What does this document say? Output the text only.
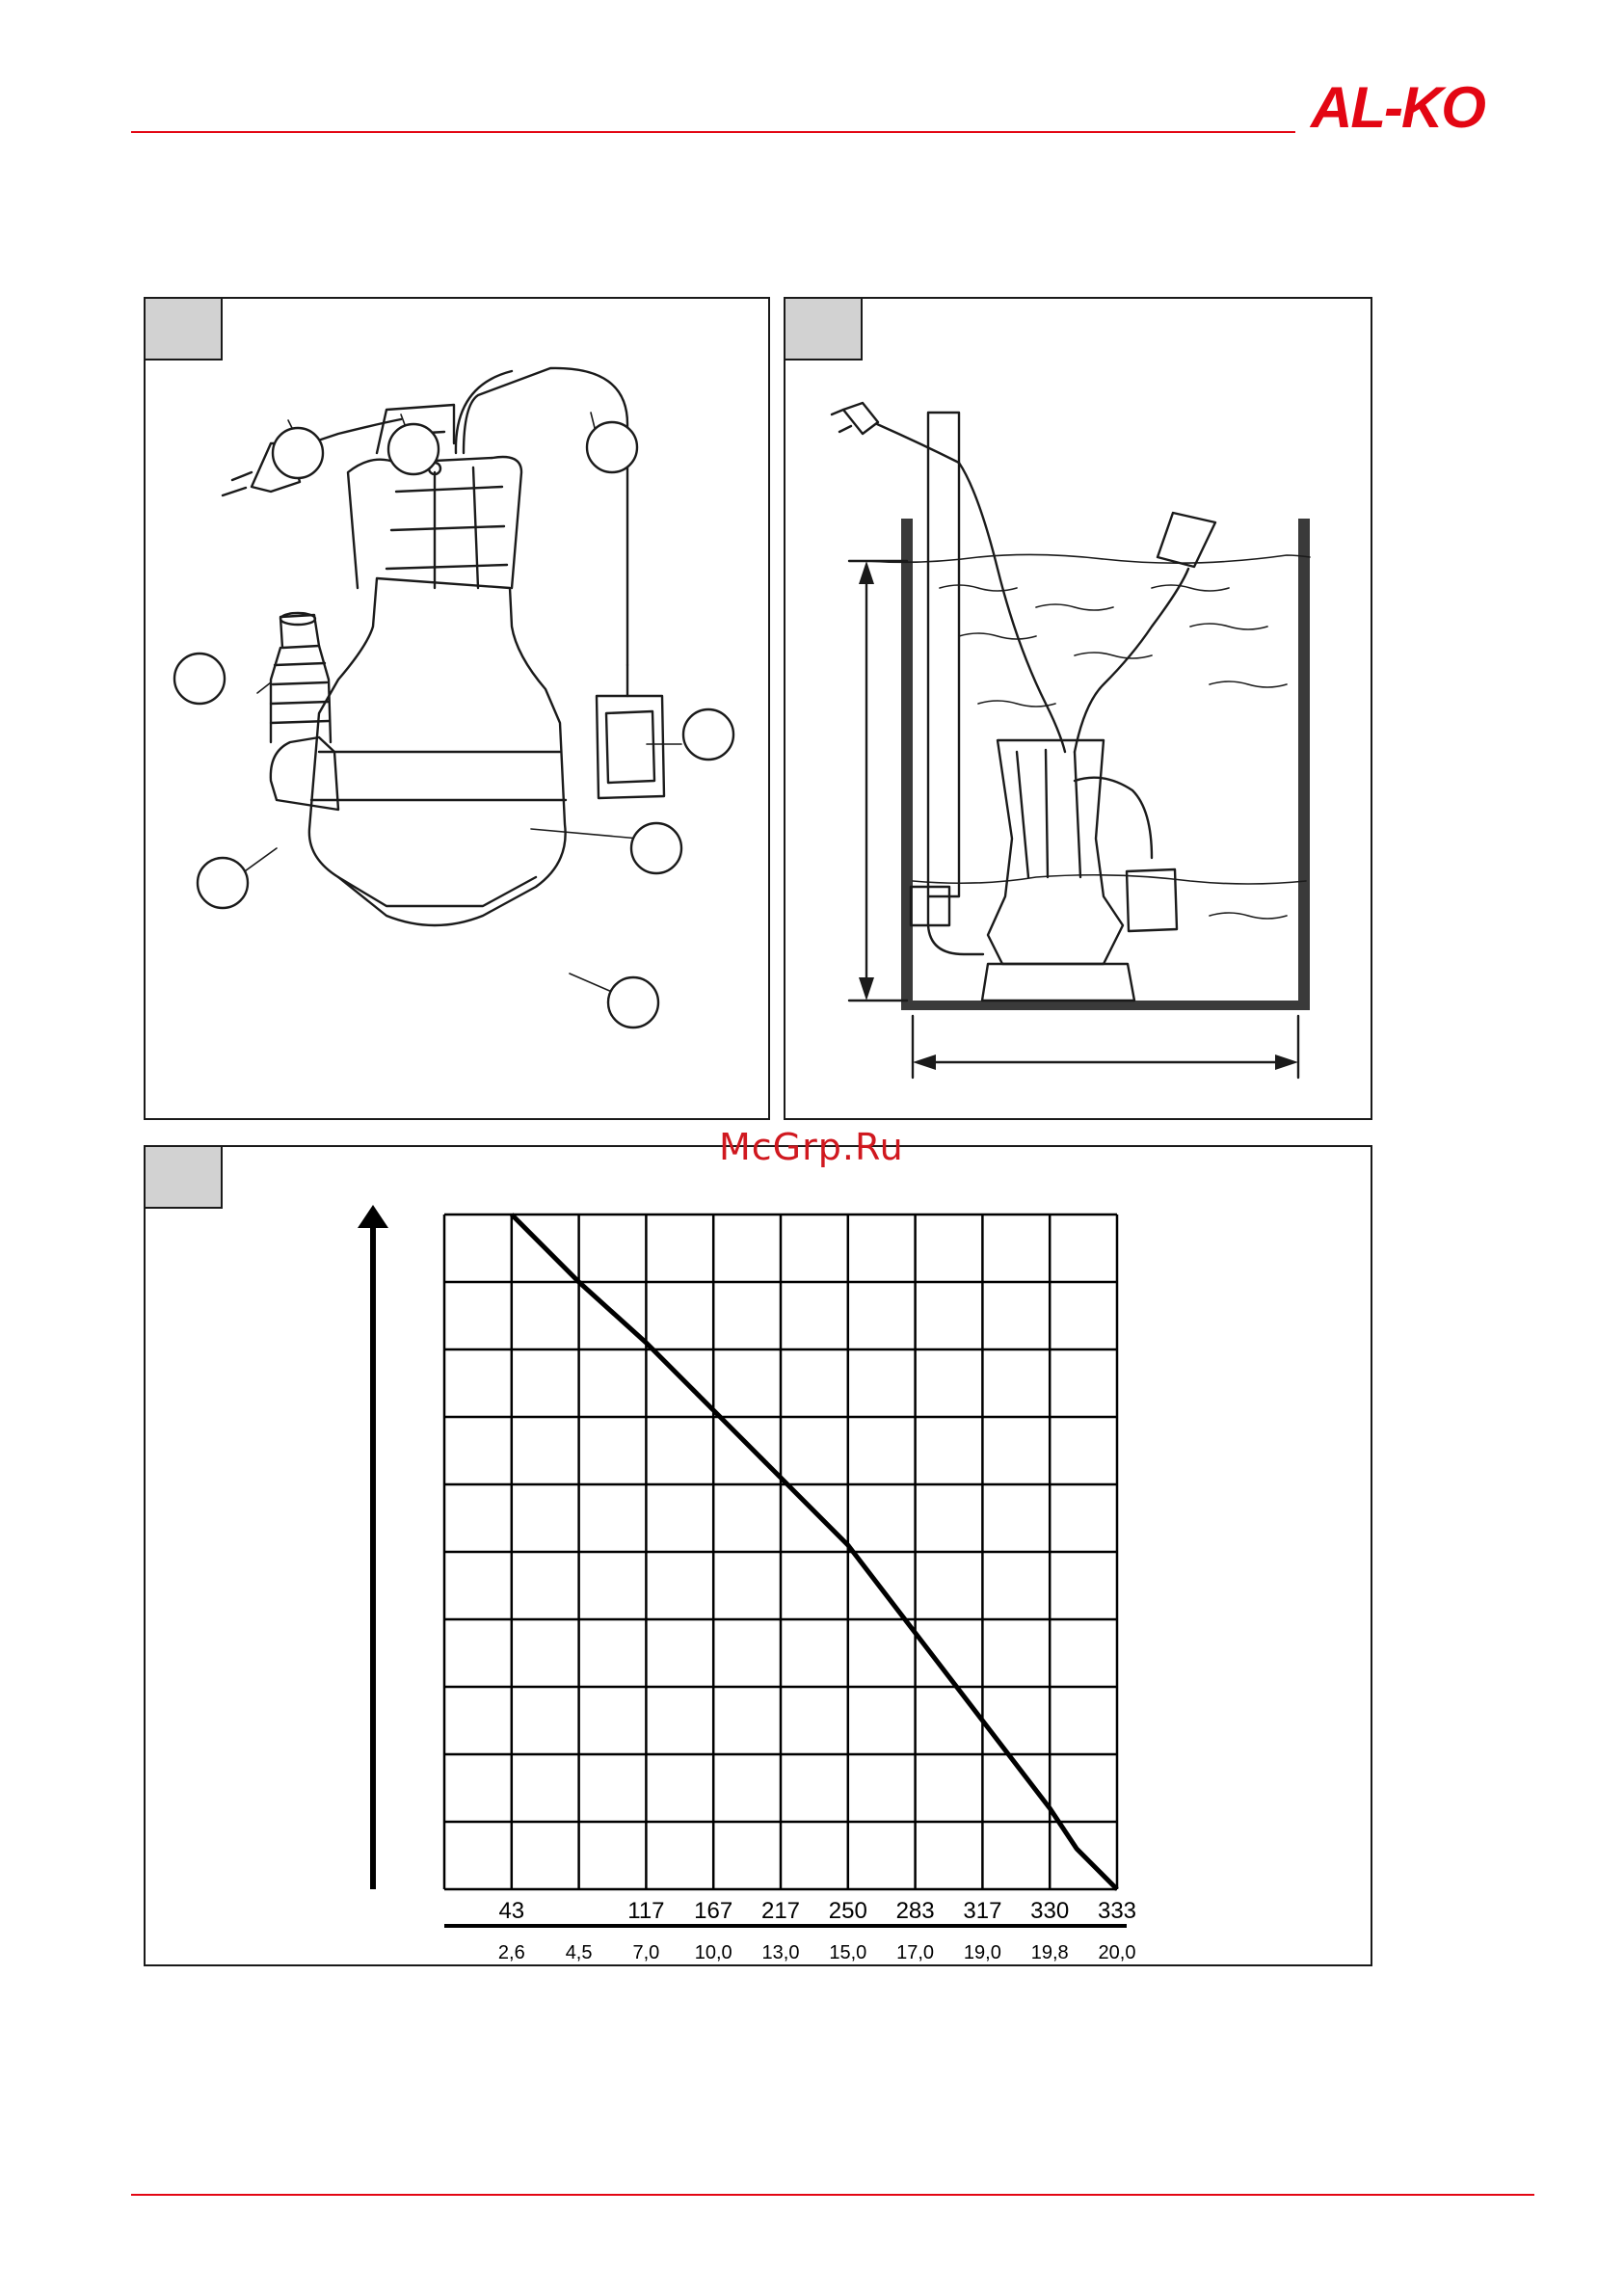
AL-KO
43	117 167 217 250 283 317 330 333
2,6 4,5 7,0 10,0 13,0 15,0 17,0 19,0 19,8 20,0
McGrp.Ru
